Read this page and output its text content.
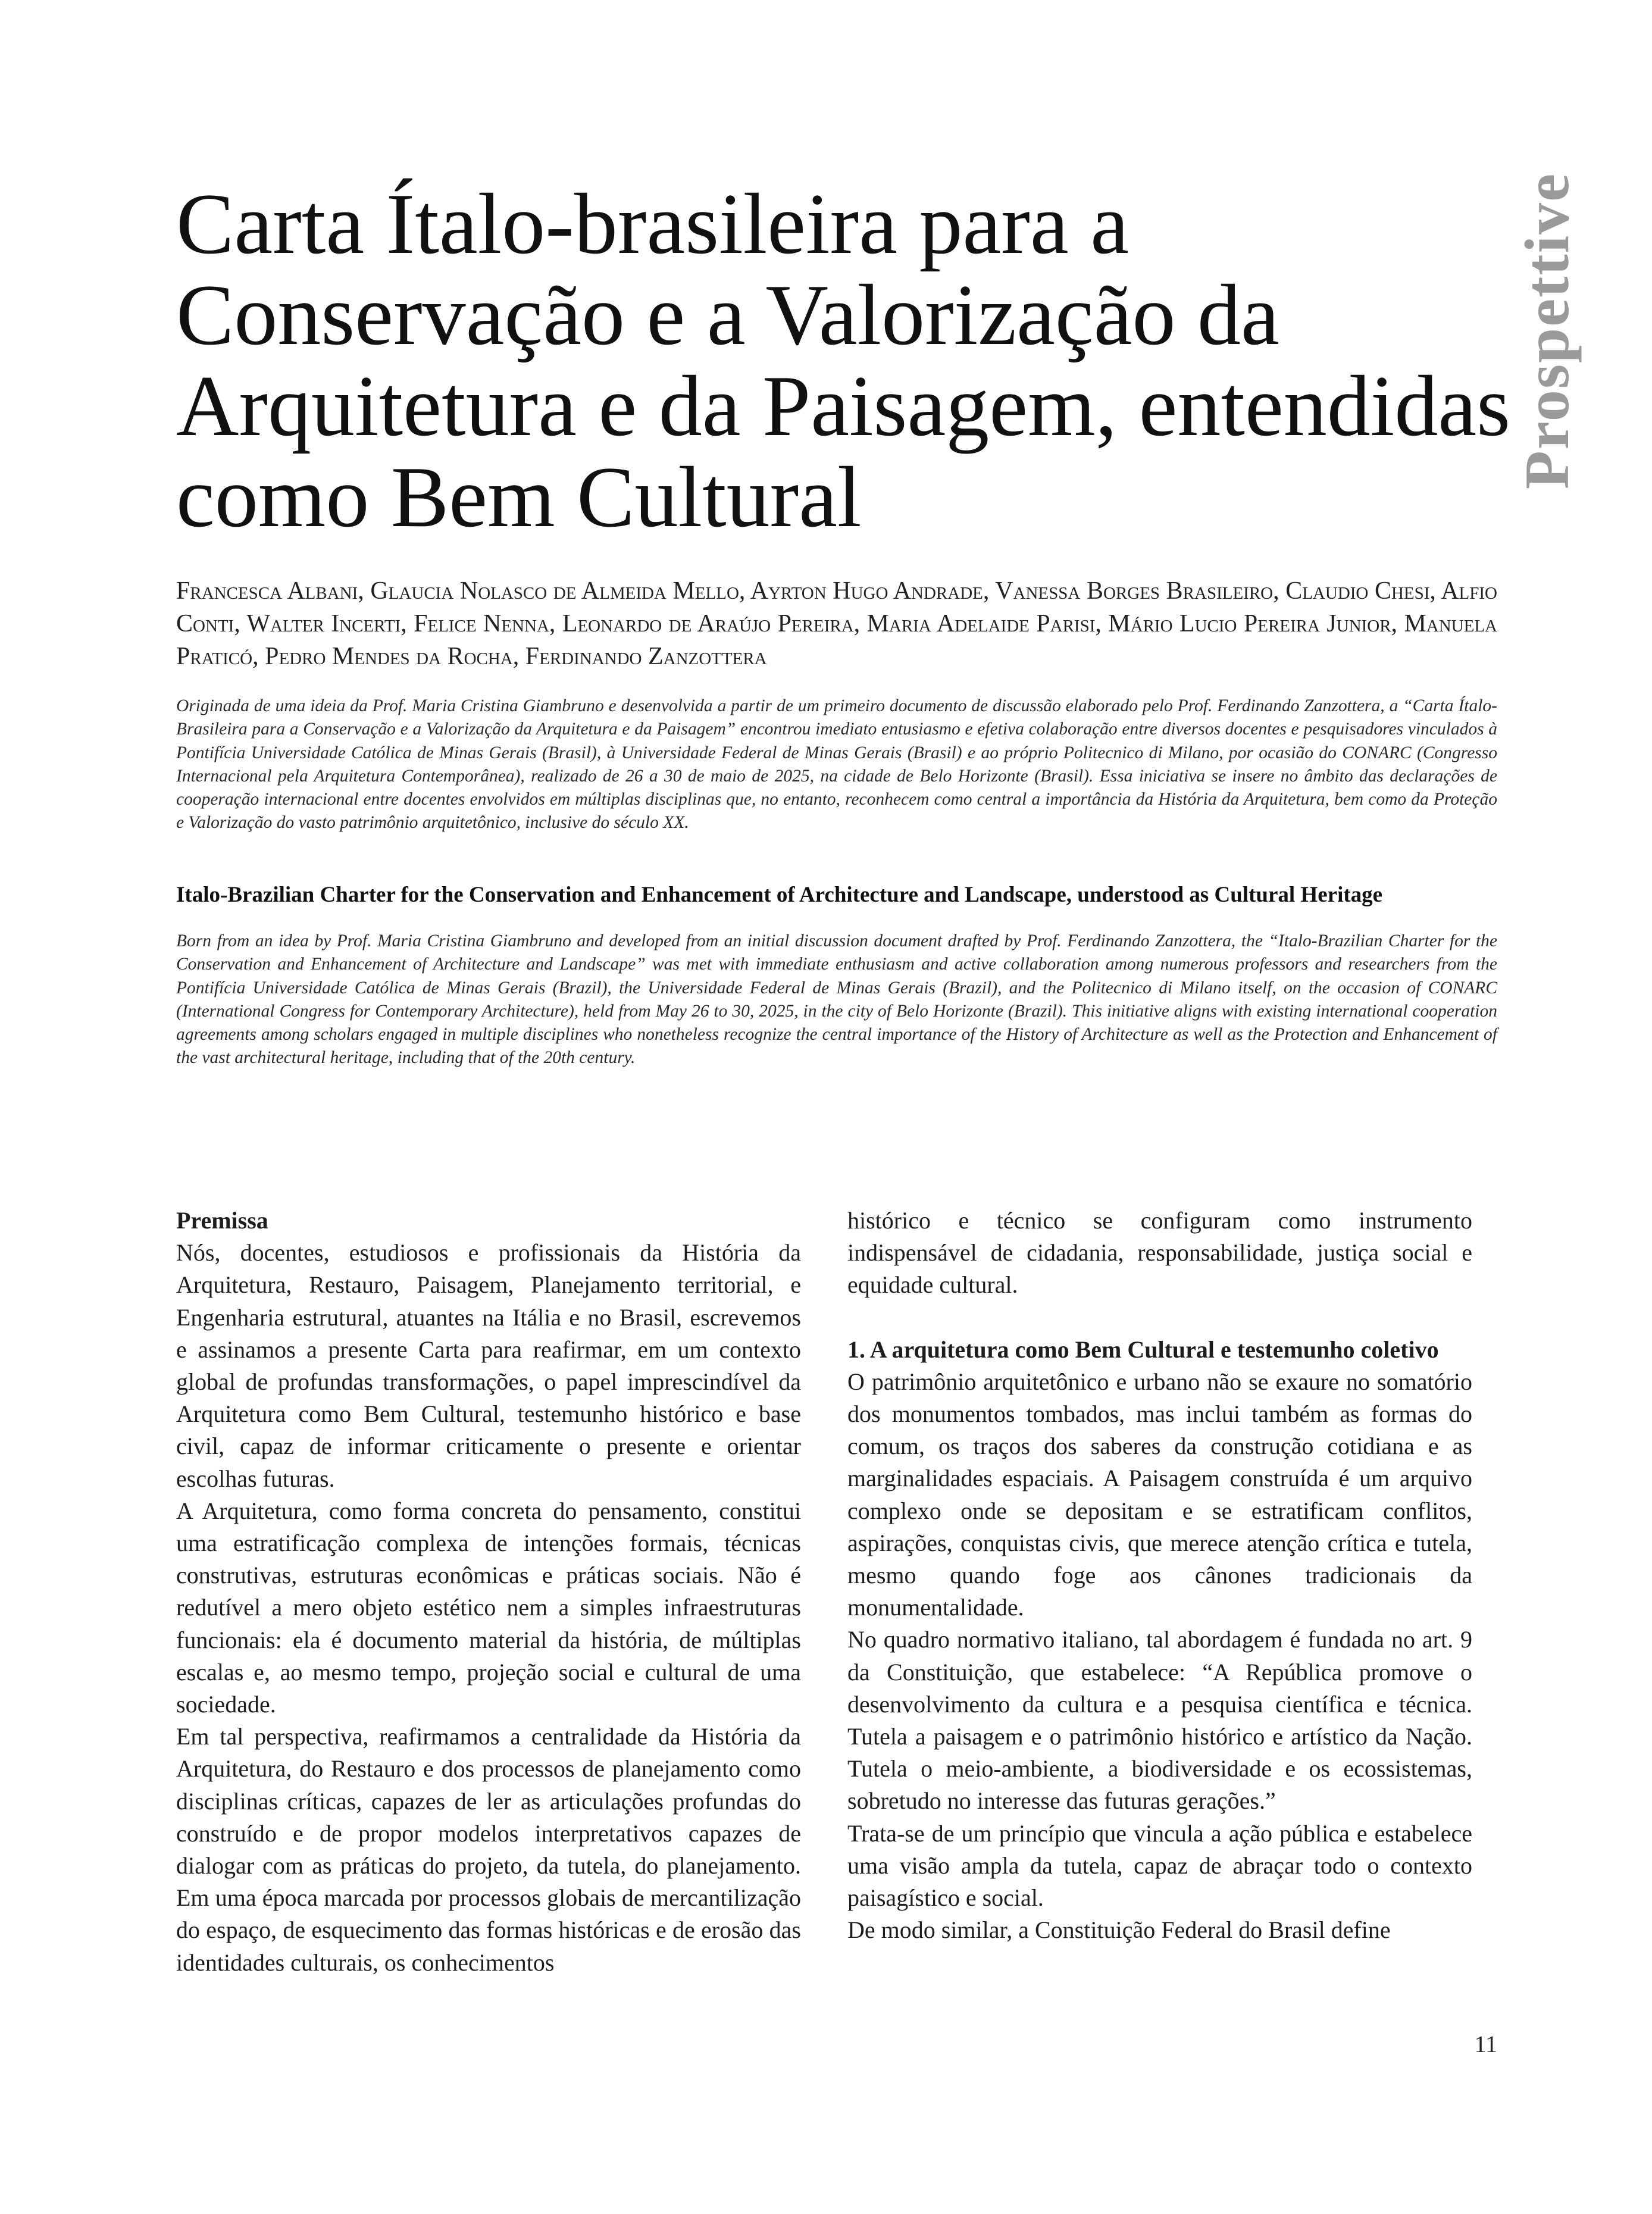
Carta Ítalo-brasileira para a
Conservação e a Valorização da
Arquitetura e da Paisagem, entendidas
como Bem Cultural
Prospettive
Francesca Albani, Glaucia Nolasco de Almeida Mello, Ayrton Hugo Andrade, Vanessa Borges Brasileiro, Claudio Chesi, Alfio Conti, Walter Incerti, Felice Nenna, Leonardo de Araújo Pereira, Maria Adelaide Parisi, Mário Lucio Pereira Junior, Manuela Praticó, Pedro Mendes da Rocha, Ferdinando Zanzottera
Originada de uma ideia da Prof. Maria Cristina Giambruno e desenvolvida a partir de um primeiro documento de discussão elaborado pelo Prof. Ferdinando Zanzottera, a “Carta Ítalo-Brasileira para a Conservação e a Valorização da Arquitetura e da Paisagem” encontrou imediato entusiasmo e efetiva colaboração entre diversos docentes e pesquisadores vinculados à Pontifícia Universidade Católica de Minas Gerais (Brasil), à Universidade Federal de Minas Gerais (Brasil) e ao próprio Politecnico di Milano, por ocasião do CONARC (Congresso Internacional pela Arquitetura Contemporânea), realizado de 26 a 30 de maio de 2025, na cidade de Belo Horizonte (Brasil). Essa iniciativa se insere no âmbito das declarações de cooperação internacional entre docentes envolvidos em múltiplas disciplinas que, no entanto, reconhecem como central a importância da História da Arquitetura, bem como da Proteção e Valorização do vasto patrimônio arquitetônico, inclusive do século XX.
Italo-Brazilian Charter for the Conservation and Enhancement of Architecture and Landscape, understood as Cultural Heritage
Born from an idea by Prof. Maria Cristina Giambruno and developed from an initial discussion document drafted by Prof. Ferdinando Zanzottera, the “Italo-Brazilian Charter for the Conservation and Enhancement of Architecture and Landscape” was met with immediate enthusiasm and active collaboration among numerous professors and researchers from the Pontifícia Universidade Católica de Minas Gerais (Brazil), the Universidade Federal de Minas Gerais (Brazil), and the Politecnico di Milano itself, on the occasion of CONARC (International Congress for Contemporary Architecture), held from May 26 to 30, 2025, in the city of Belo Horizonte (Brazil). This initiative aligns with existing international cooperation agreements among scholars engaged in multiple disciplines who nonetheless recognize the central importance of the History of Architecture as well as the Protection and Enhancement of the vast architectural heritage, including that of the 20th century.
Premissa

Nós, docentes, estudiosos e profissionais da História da Arquitetura, Restauro, Paisagem, Planejamento territorial, e Engenharia estrutural, atuantes na Itália e no Brasil, escrevemos e assinamos a presente Carta para reafirmar, em um contexto global de profundas transformações, o papel imprescindível da Arquitetura como Bem Cultural, testemunho histórico e base civil, capaz de informar criticamente o presente e orientar escolhas futuras.

A Arquitetura, como forma concreta do pensamento, constitui uma estratificação complexa de intenções formais, técnicas construtivas, estruturas econômicas e práticas sociais. Não é redutível a mero objeto estético nem a simples infraestruturas funcionais: ela é documento material da história, de múltiplas escalas e, ao mesmo tempo, projeção social e cultural de uma sociedade.

Em tal perspectiva, reafirmamos a centralidade da História da Arquitetura, do Restauro e dos processos de planejamento como disciplinas críticas, capazes de ler as articulações profundas do construído e de propor modelos interpretativos capazes de dialogar com as práticas do projeto, da tutela, do planejamento. Em uma época marcada por processos globais de mercantilização do espaço, de esquecimento das formas históricas e de erosão das identidades culturais, os conhecimentos

histórico e técnico se configuram como instrumento indispensável de cidadania, responsabilidade, justiça social e equidade cultural.

1. A arquitetura como Bem Cultural e testemunho coletivo

O patrimônio arquitetônico e urbano não se exaure no somatório dos monumentos tombados, mas inclui também as formas do comum, os traços dos saberes da construção cotidiana e as marginalidades espaciais. A Paisagem construída é um arquivo complexo onde se depositam e se estratificam conflitos, aspirações, conquistas civis, que merece atenção crítica e tutela, mesmo quando foge aos cânones tradicionais da monumentalidade.

No quadro normativo italiano, tal abordagem é fundada no art. 9 da Constituição, que estabelece: “A República promove o desenvolvimento da cultura e a pesquisa científica e técnica. Tutela a paisagem e o patrimônio histórico e artístico da Nação. Tutela o meio-ambiente, a biodiversidade e os ecossistemas, sobretudo no interesse das futuras gerações.”

Trata-se de um princípio que vincula a ação pública e estabelece uma visão ampla da tutela, capaz de abraçar todo o contexto paisagístico e social.

De modo similar, a Constituição Federal do Brasil define

11
